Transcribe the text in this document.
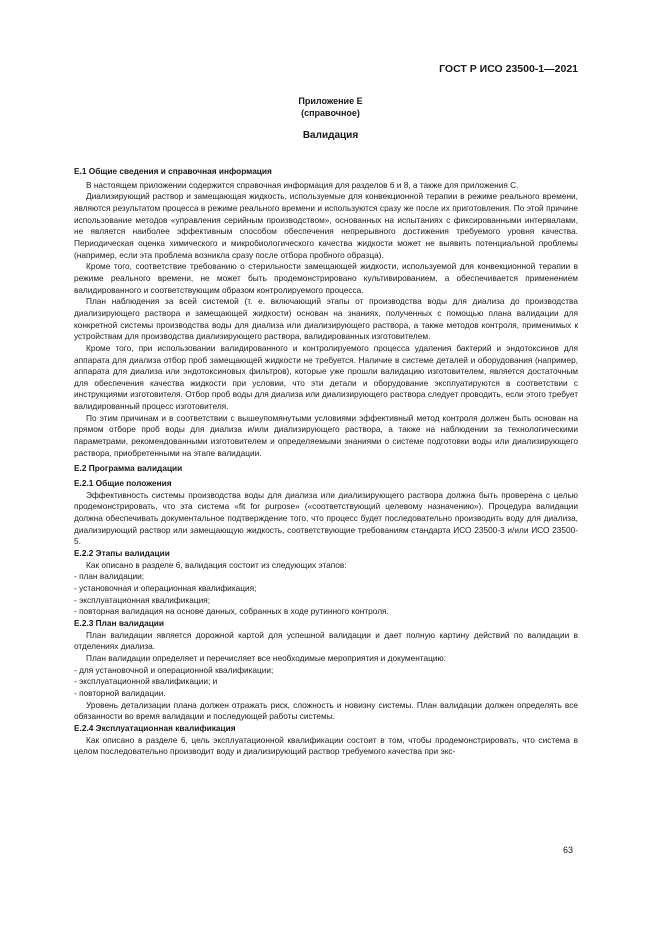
ГОСТ Р ИСО 23500-1—2021
Приложение Е
(справочное)
Валидация

Е.1 Общие сведения и справочная информация

В настоящем приложении содержится справочная информация для разделов 6 и 8, а также для приложения С.

Диализирующий раствор и замещающая жидкость, используемые для конвекционной терапии в режиме реального времени, являются результатом процесса в режиме реального времени и используются сразу же после их приготовления. По этой причине использование методов «управления серийным производством», основанных на испытаниях с фиксированными интервалами, не является наиболее эффективным способом обеспечения непрерывного достижения требуемого уровня качества. Периодическая оценка химического и микробиологического качества жидкости может не выявить потенциальной проблемы (например, если эта проблема возникла сразу после отбора пробного образца).

Кроме того, соответствие требованию о стерильности замещающей жидкости, используемой для конвекционной терапии в режиме реального времени, не может быть продемонстрировано культивированием, а обеспечивается применением валидированного и соответствующим образом контролируемого процесса.

План наблюдения за всей системой (т. е. включающий этапы от производства воды для диализа до производства диализирующего раствора и замещающей жидкости) основан на знаниях, полученных с помощью плана валидации для конкретной системы производства воды для диализа или диализирующего раствора, а также методов контроля, применимых к устройствам для производства диализирующего раствора, валидированных изготовителем.

Кроме того, при использовании валидированного и контролируемого процесса удаления бактерий и эндотоксинов для аппарата для диализа отбор проб замещающей жидкости не требуется. Наличие в системе деталей и оборудования (например, аппарата для диализа или эндотоксиновых фильтров), которые уже прошли валидацию изготовителем, является достаточным для обеспечения качества жидкости при условии, что эти детали и оборудование эксплуатируются в соответствии с инструкциями изготовителя. Отбор проб воды для диализа или диализирующего раствора следует проводить, если этого требует валидированный процесс изготовителя.

По этим причинам и в соответствии с вышеупомянутыми условиями эффективный метод контроля должен быть основан на прямом отборе проб воды для диализа и/или диализирующего раствора, а также на наблюдении за технологическими параметрами, рекомендованными изготовителем и определяемыми знаниями о системе подготовки воды или диализирующего раствора, приобретенными на этапе валидации.

Е.2 Программа валидации

Е.2.1 Общие положения

Эффективность системы производства воды для диализа или диализирующего раствора должна быть проверена с целью продемонстрировать, что эта система «fit for purpose» («соответствующий целевому назначению»). Процедура валидации должна обеспечивать документальное подтверждение того, что процесс будет последовательно производить воду для диализа, диализирующий раствор или замещающую жидкость, соответствующие требованиям стандарта ИСО 23500-3 и/или ИСО 23500-5.

Е.2.2 Этапы валидации

Как описано в разделе 6, валидация состоит из следующих этапов:

- план валидации;

- установочная и операционная квалификация;

- эксплуатационная квалификация;

- повторная валидация на основе данных, собранных в ходе рутинного контроля.

Е.2.3 План валидации

План валидации является дорожной картой для успешной валидации и дает полную картину действий по валидации в отделениях диализа.

План валидации определяет и перечисляет все необходимые мероприятия и документацию:

- для установочной и операционной квалификации;

- эксплуатационной квалификации; и

- повторной валидации.

Уровень детализации плана должен отражать риск, сложность и новизну системы. План валидации должен определять все обязанности во время валидации и последующей работы системы.

Е.2.4 Эксплуатационная квалификация

Как описано в разделе 6, цель эксплуатационной квалификации состоит в том, чтобы продемонстрировать, что система в целом последовательно производит воду и диализирующий раствор требуемого качества при экс-

63
